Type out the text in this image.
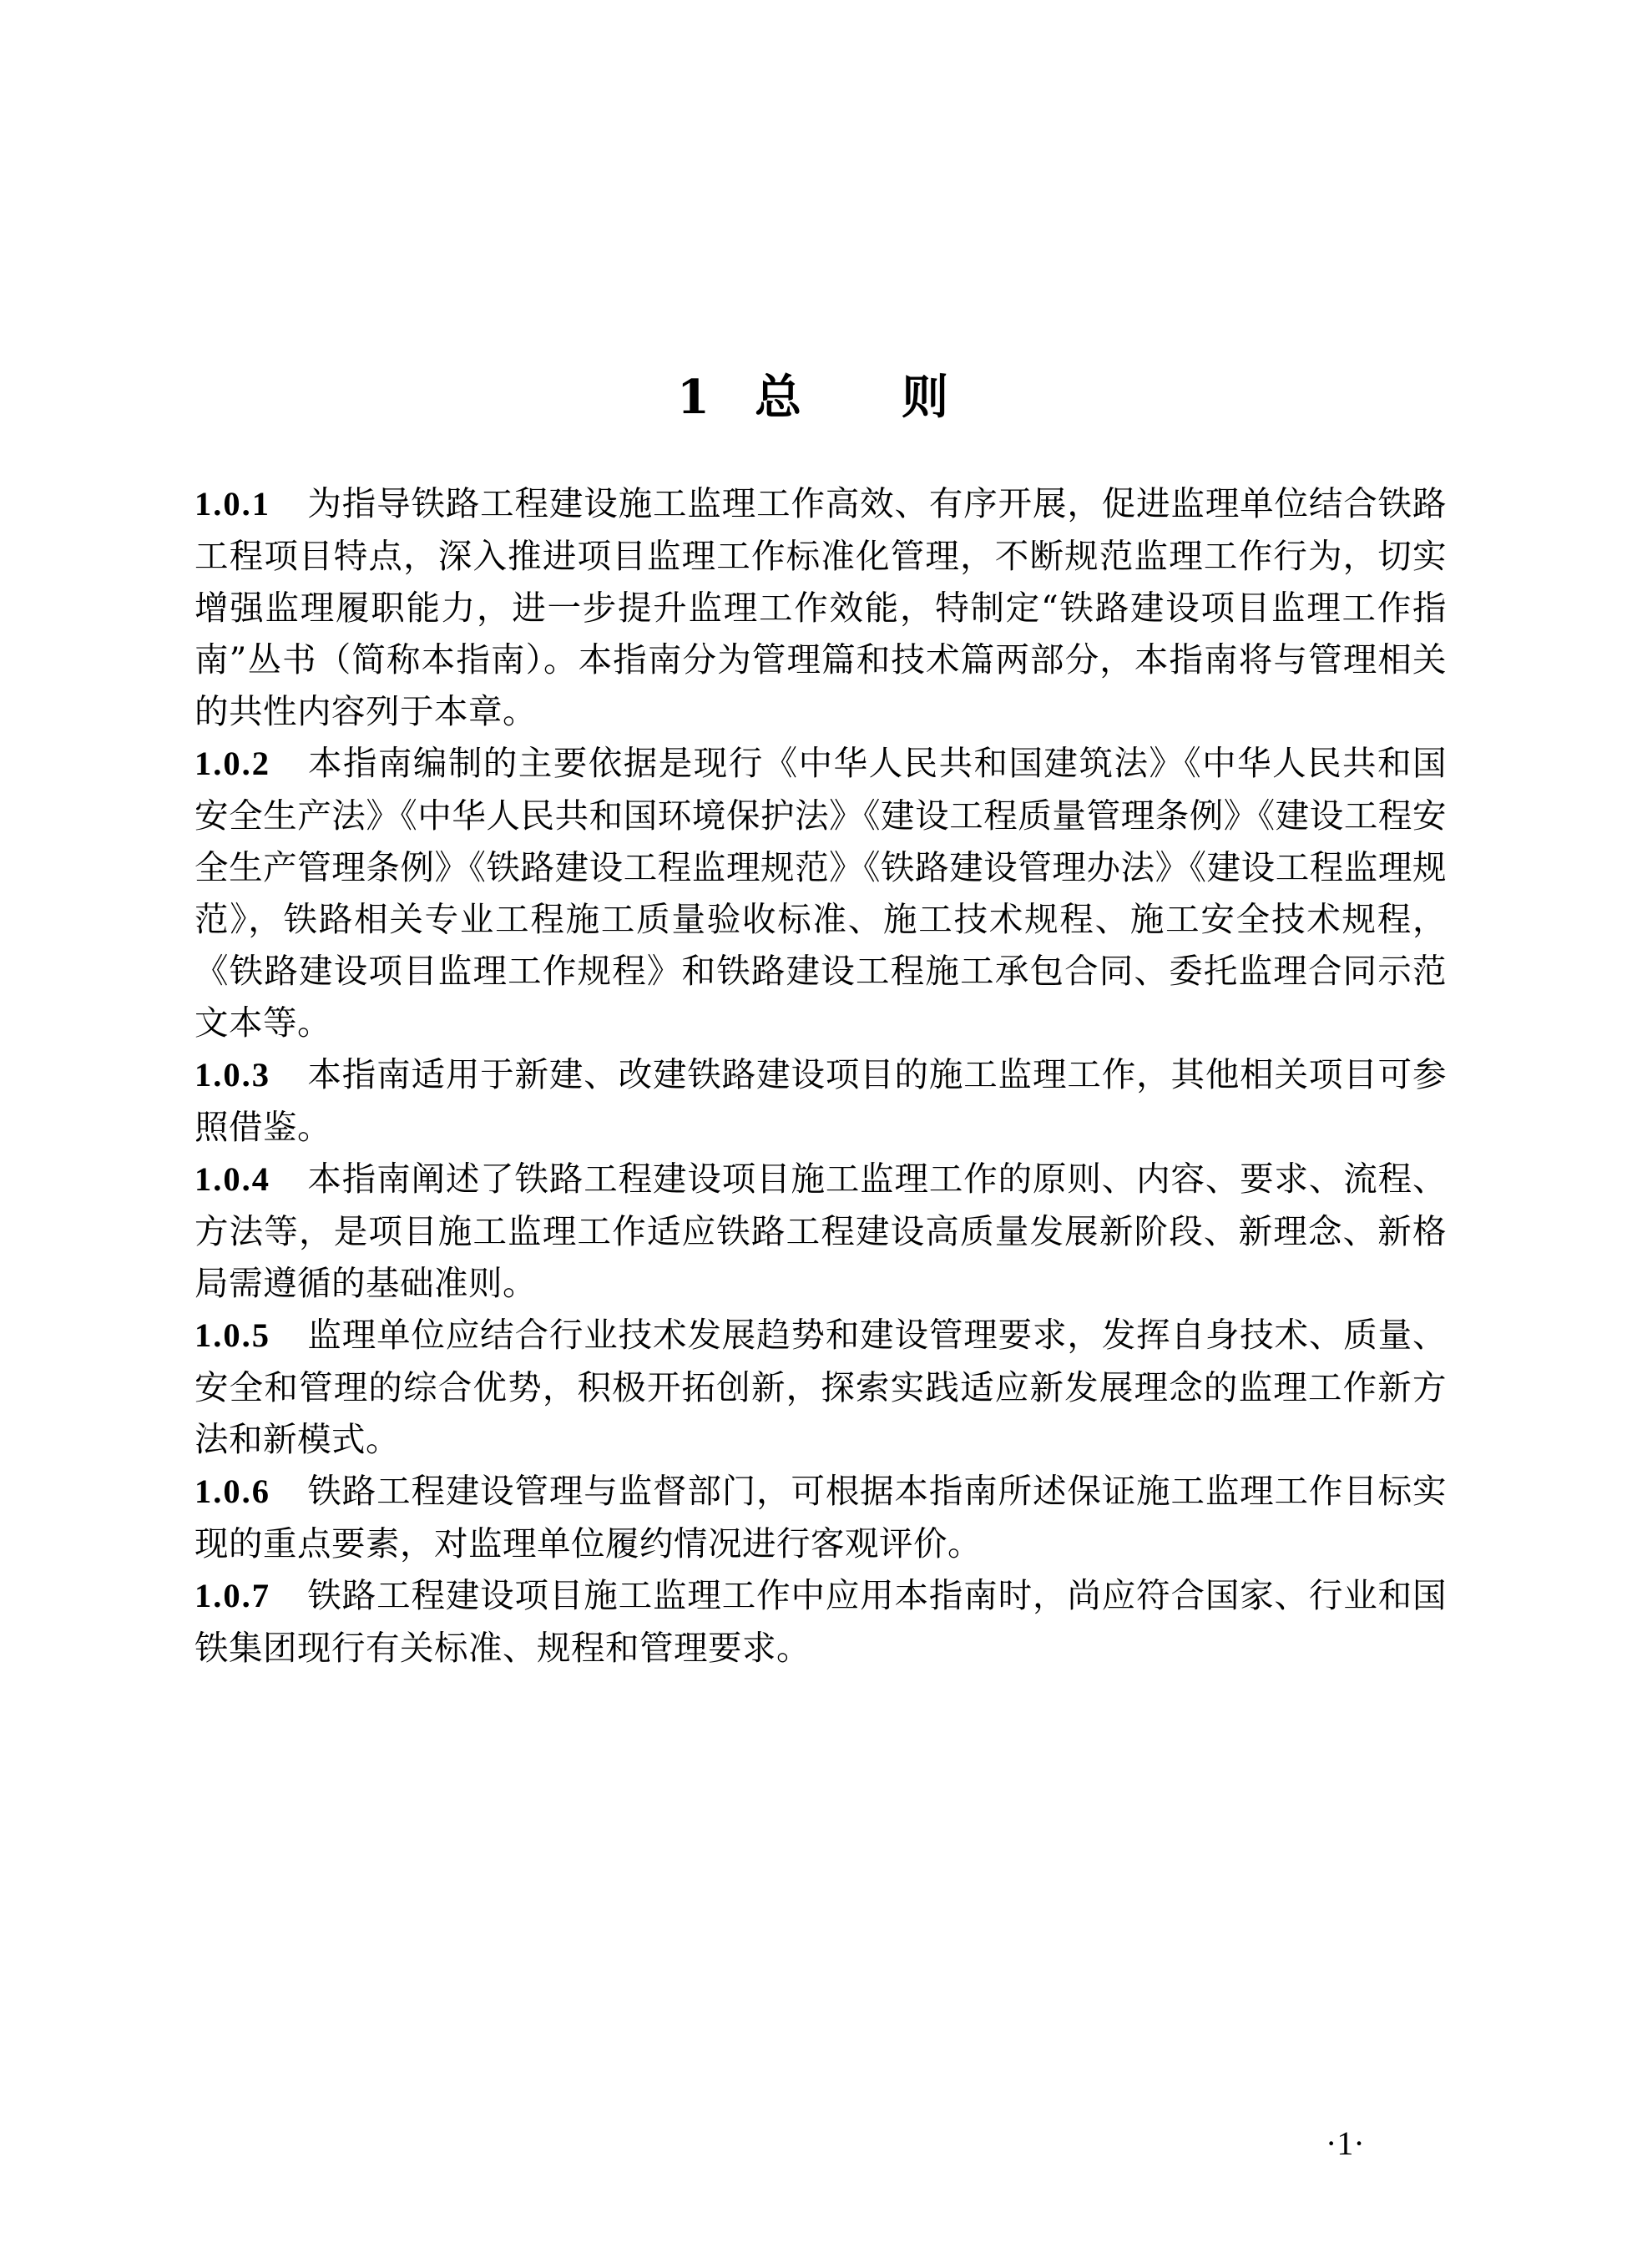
1 总 则

1.0.1 为指导铁路工程建设施工监理工作高效、有序开展，促进监理单位结合铁路工程项目特点，深入推进项目监理工作标准化管理，不断规范监理工作行为，切实增强监理履职能力，进一步提升监理工作效能，特制定“铁路建设项目监理工作指南”丛书（简称本指南）。本指南分为管理篇和技术篇两部分，本指南将与管理相关的共性内容列于本章。

1.0.2 本指南编制的主要依据是现行《中华人民共和国建筑法》《中华人民共和国安全生产法》《中华人民共和国环境保护法》《建设工程质量管理条例》《建设工程安全生产管理条例》《铁路建设工程监理规范》《铁路建设管理办法》《建设工程监理规范》，铁路相关专业工程施工质量验收标准、施工技术规程、施工安全技术规程，《铁路建设项目监理工作规程》和铁路建设工程施工承包合同、委托监理合同示范文本等。

1.0.3 本指南适用于新建、改建铁路建设项目的施工监理工作，其他相关项目可参照借鉴。

1.0.4 本指南阐述了铁路工程建设项目施工监理工作的原则、内容、要求、流程、方法等，是项目施工监理工作适应铁路工程建设高质量发展新阶段、新理念、新格局需遵循的基础准则。

1.0.5 监理单位应结合行业技术发展趋势和建设管理要求，发挥自身技术、质量、安全和管理的综合优势，积极开拓创新，探索实践适应新发展理念的监理工作新方法和新模式。

1.0.6 铁路工程建设管理与监督部门，可根据本指南所述保证施工监理工作目标实现的重点要素，对监理单位履约情况进行客观评价。

1.0.7 铁路工程建设项目施工监理工作中应用本指南时，尚应符合国家、行业和国铁集团现行有关标准、规程和管理要求。

·1·
